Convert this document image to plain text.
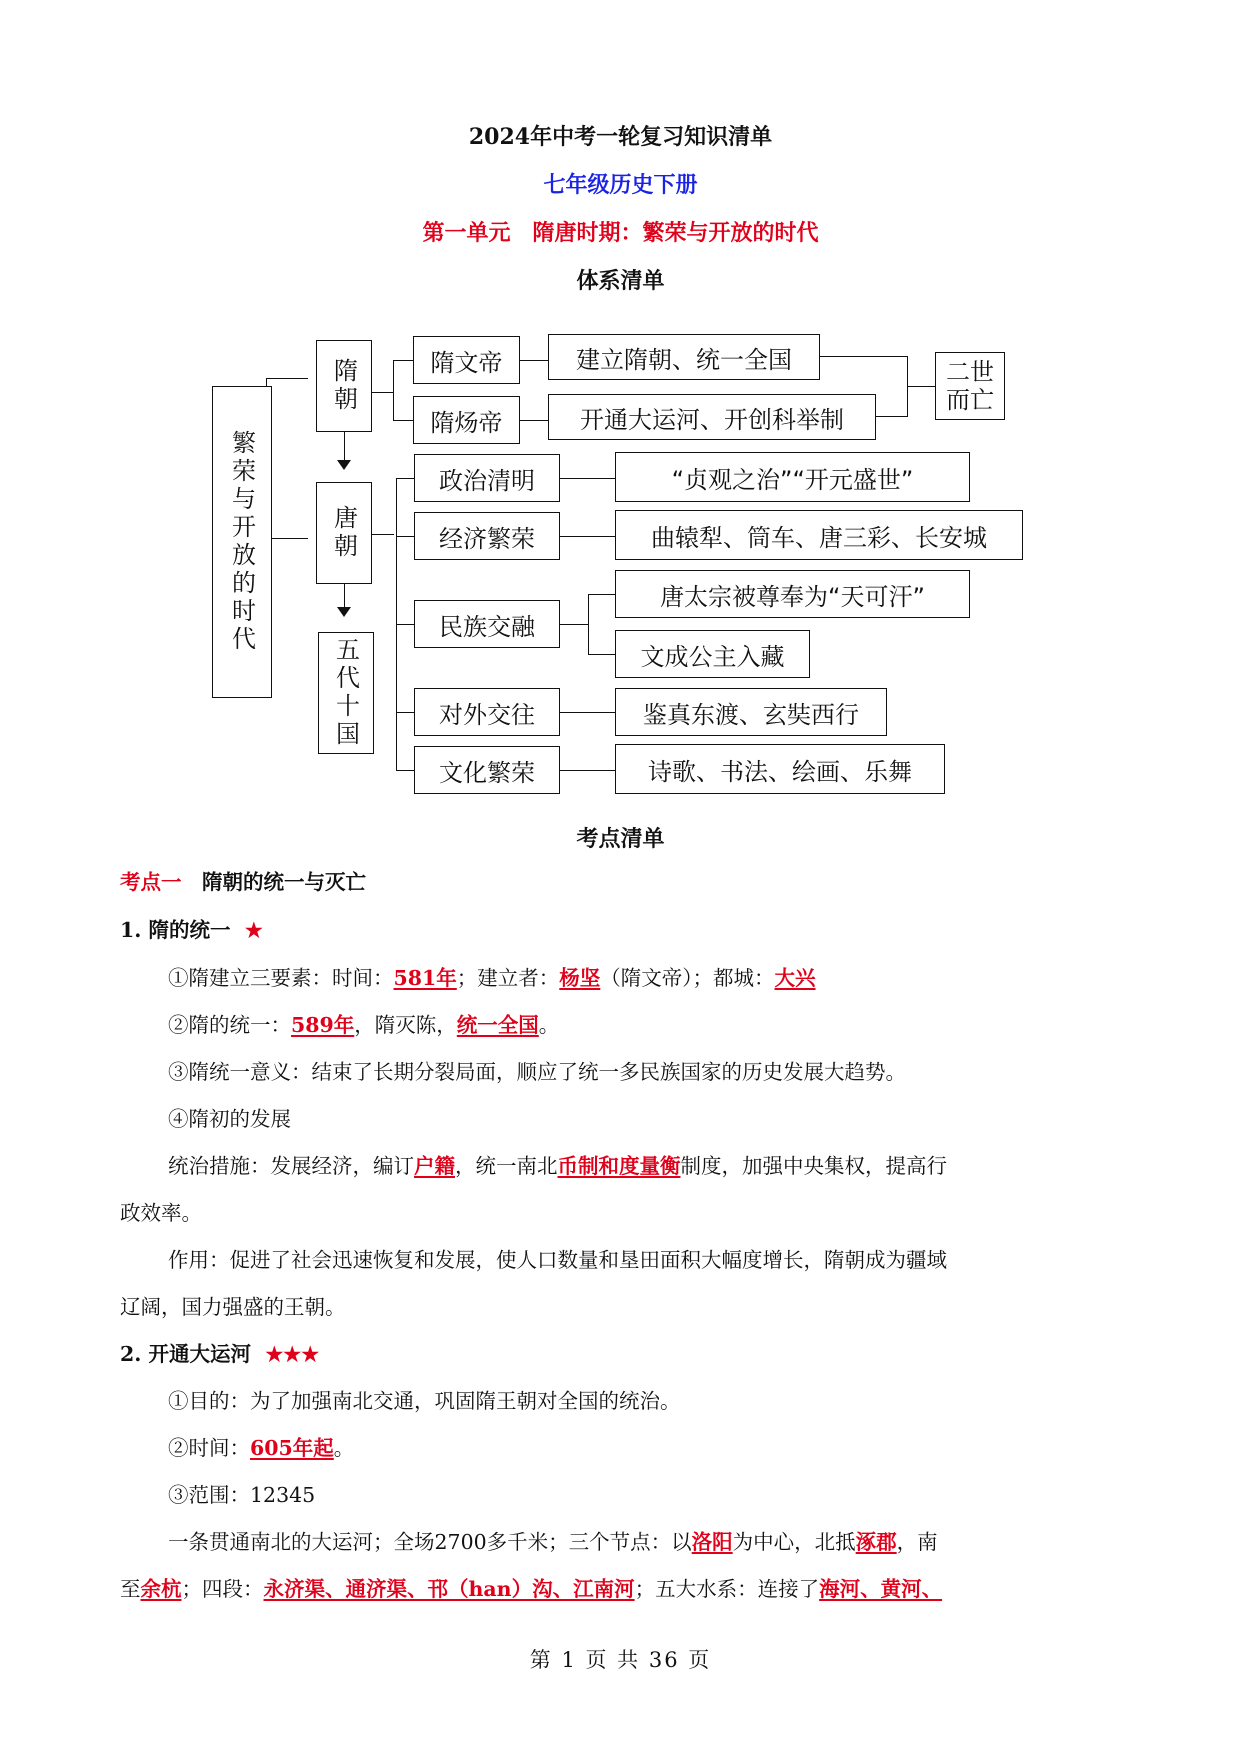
2024年中考一轮复习知识清单
七年级历史下册
第一单元　隋唐时期：繁荣与开放的时代
体系清单
繁荣与开放的时代
隋朝
唐朝
五代十国
隋文帝
隋炀帝
建立隋朝、统一全国
开通大运河、开创科举制
二世而亡
政治清明
经济繁荣
民族交融
对外交往
文化繁荣
“贞观之治”“开元盛世”
曲辕犁、筒车、唐三彩、长安城
唐太宗被尊奉为“天可汗”
文成公主入藏
鉴真东渡、玄奘西行
诗歌、书法、绘画、乐舞
考点清单
考点一　 隋朝的统一与灭亡
1. 隋的统一 ★
①隋建立三要素：时间：581年；建立者：杨坚（隋文帝）；都城：大兴
②隋的统一：589年，隋灭陈，统一全国。
③隋统一意义：结束了长期分裂局面，顺应了统一多民族国家的历史发展大趋势。
④隋初的发展
统治措施：发展经济，编订户籍，统一南北币制和度量衡制度，加强中央集权，提高行
政效率。
作用：促进了社会迅速恢复和发展，使人口数量和垦田面积大幅度增长，隋朝成为疆域
辽阔，国力强盛的王朝。
2. 开通大运河 ★★★
①目的：为了加强南北交通，巩固隋王朝对全国的统治。
②时间：605年起。
③范围：12345
一条贯通南北的大运河；全场2700多千米；三个节点：以洛阳为中心，北抵涿郡，南
至余杭；四段：永济渠、通济渠、邗（han）沟、江南河；五大水系：连接了海河、黄河、
第 1 页 共 36 页
